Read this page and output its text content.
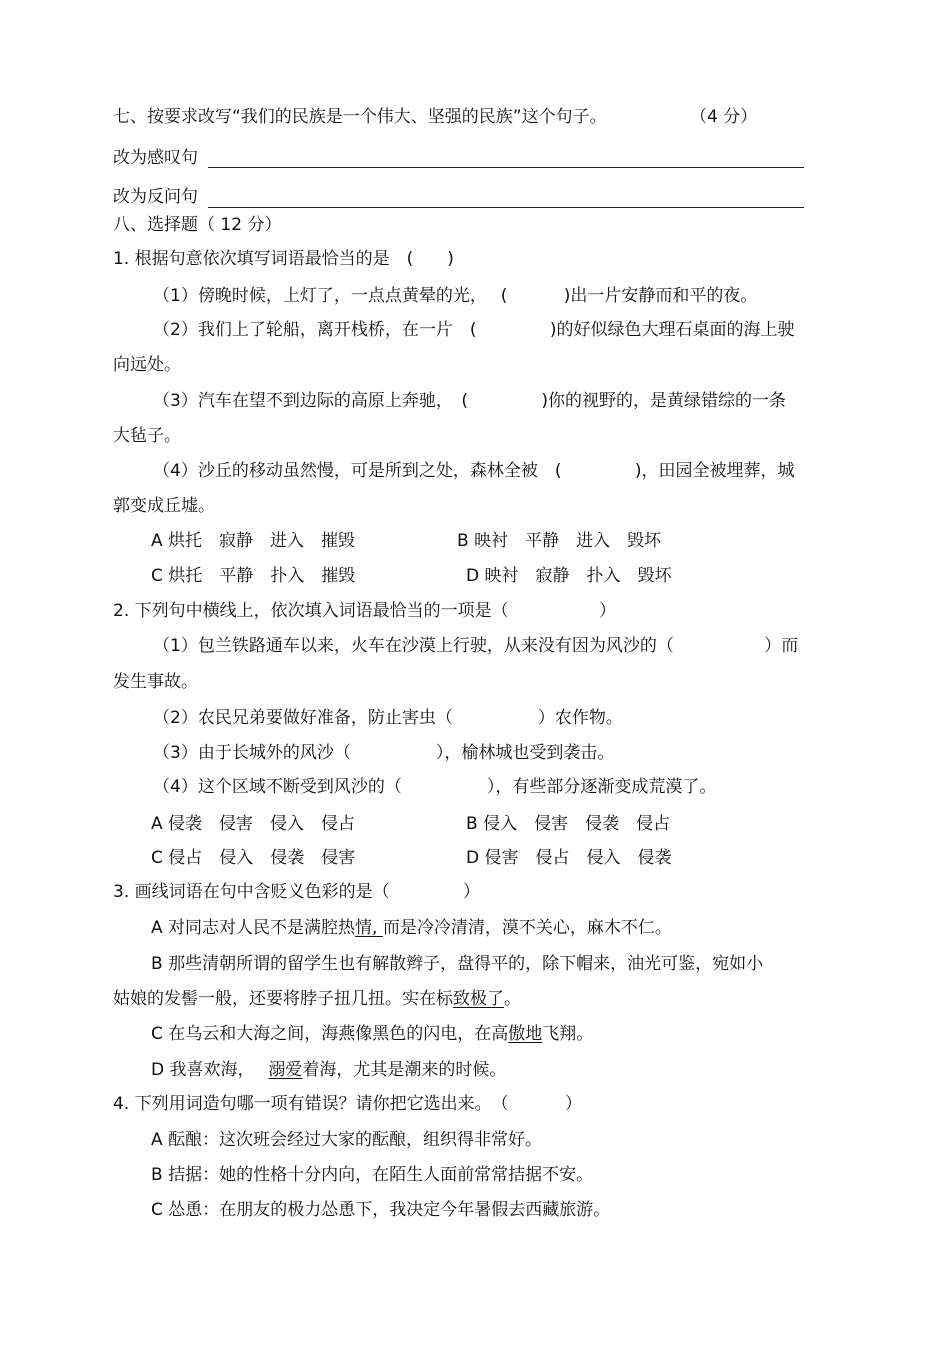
七、按要求改写“我们的民族是一个伟大、坚强的民族”这个句子。	（4 分）
改为感叹句
改为反问句
八、选择题（ 12 分）
1. 根据句意依次填写词语最恰当的是　(　　)
（1）傍晚时候，上灯了，一点点黄晕的光，　 (　　　 )出一片安静而和平的夜。
（2）我们上了轮船，离开栈桥，在一片　(　　　　 )的好似绿色大理石桌面的海上驶
向远处。
（3）汽车在望不到边际的高原上奔驰，　(　　　　 )你的视野的，是黄绿错综的一条
大毡子。
（4）沙丘的移动虽然慢，可是所到之处，森林全被　(　　　　 )，田园全被埋葬，城
郭变成丘墟。
A 烘托　寂静　进入　摧毁	B 映衬　平静　进入　毁坏
C 烘托　平静　扑入　摧毁	D 映衬　寂静　扑入　毁坏
2. 下列句中横线上，依次填入词语最恰当的一项是（　　　　　 ）
（1）包兰铁路通车以来，火车在沙漠上行驶，从来没有因为风沙的（　　　　　 ）而
发生事故。
（2）农民兄弟要做好准备，防止害虫（　　　　　）农作物。
（3）由于长城外的风沙（　　　　　），榆林城也受到袭击。
（4）这个区域不断受到风沙的（　　　　　），有些部分逐渐变成荒漠了。
A 侵袭　侵害　侵入　侵占	B 侵入　侵害　侵袭　侵占
C 侵占　侵入　侵袭　侵害	D 侵害　侵占　侵入　侵袭
3. 画线词语在句中含贬义色彩的是（　　　　 ）
A 对同志对人民不是满腔热情, 而是冷冷清清，漠不关心，麻木不仁。
B 那些清朝所谓的留学生也有解散辫子，盘得平的，除下帽来，油光可鉴，宛如小
姑娘的发髻一般，还要将脖子扭几扭。实在标致极了。
C 在乌云和大海之间，海燕像黑色的闪电，在高傲地飞翔。
D 我喜欢海，　 溺爱着海，尤其是潮来的时候。
4. 下列用词造句哪一项有错误？请你把它选出来。　（　　　 ）
A 酝酿：这次班会经过大家的酝酿，组织得非常好。
B 拮据：她的性格十分内向，在陌生人面前常常拮据不安。
C 怂恿：在朋友的极力怂恿下，我决定今年暑假去西藏旅游。
